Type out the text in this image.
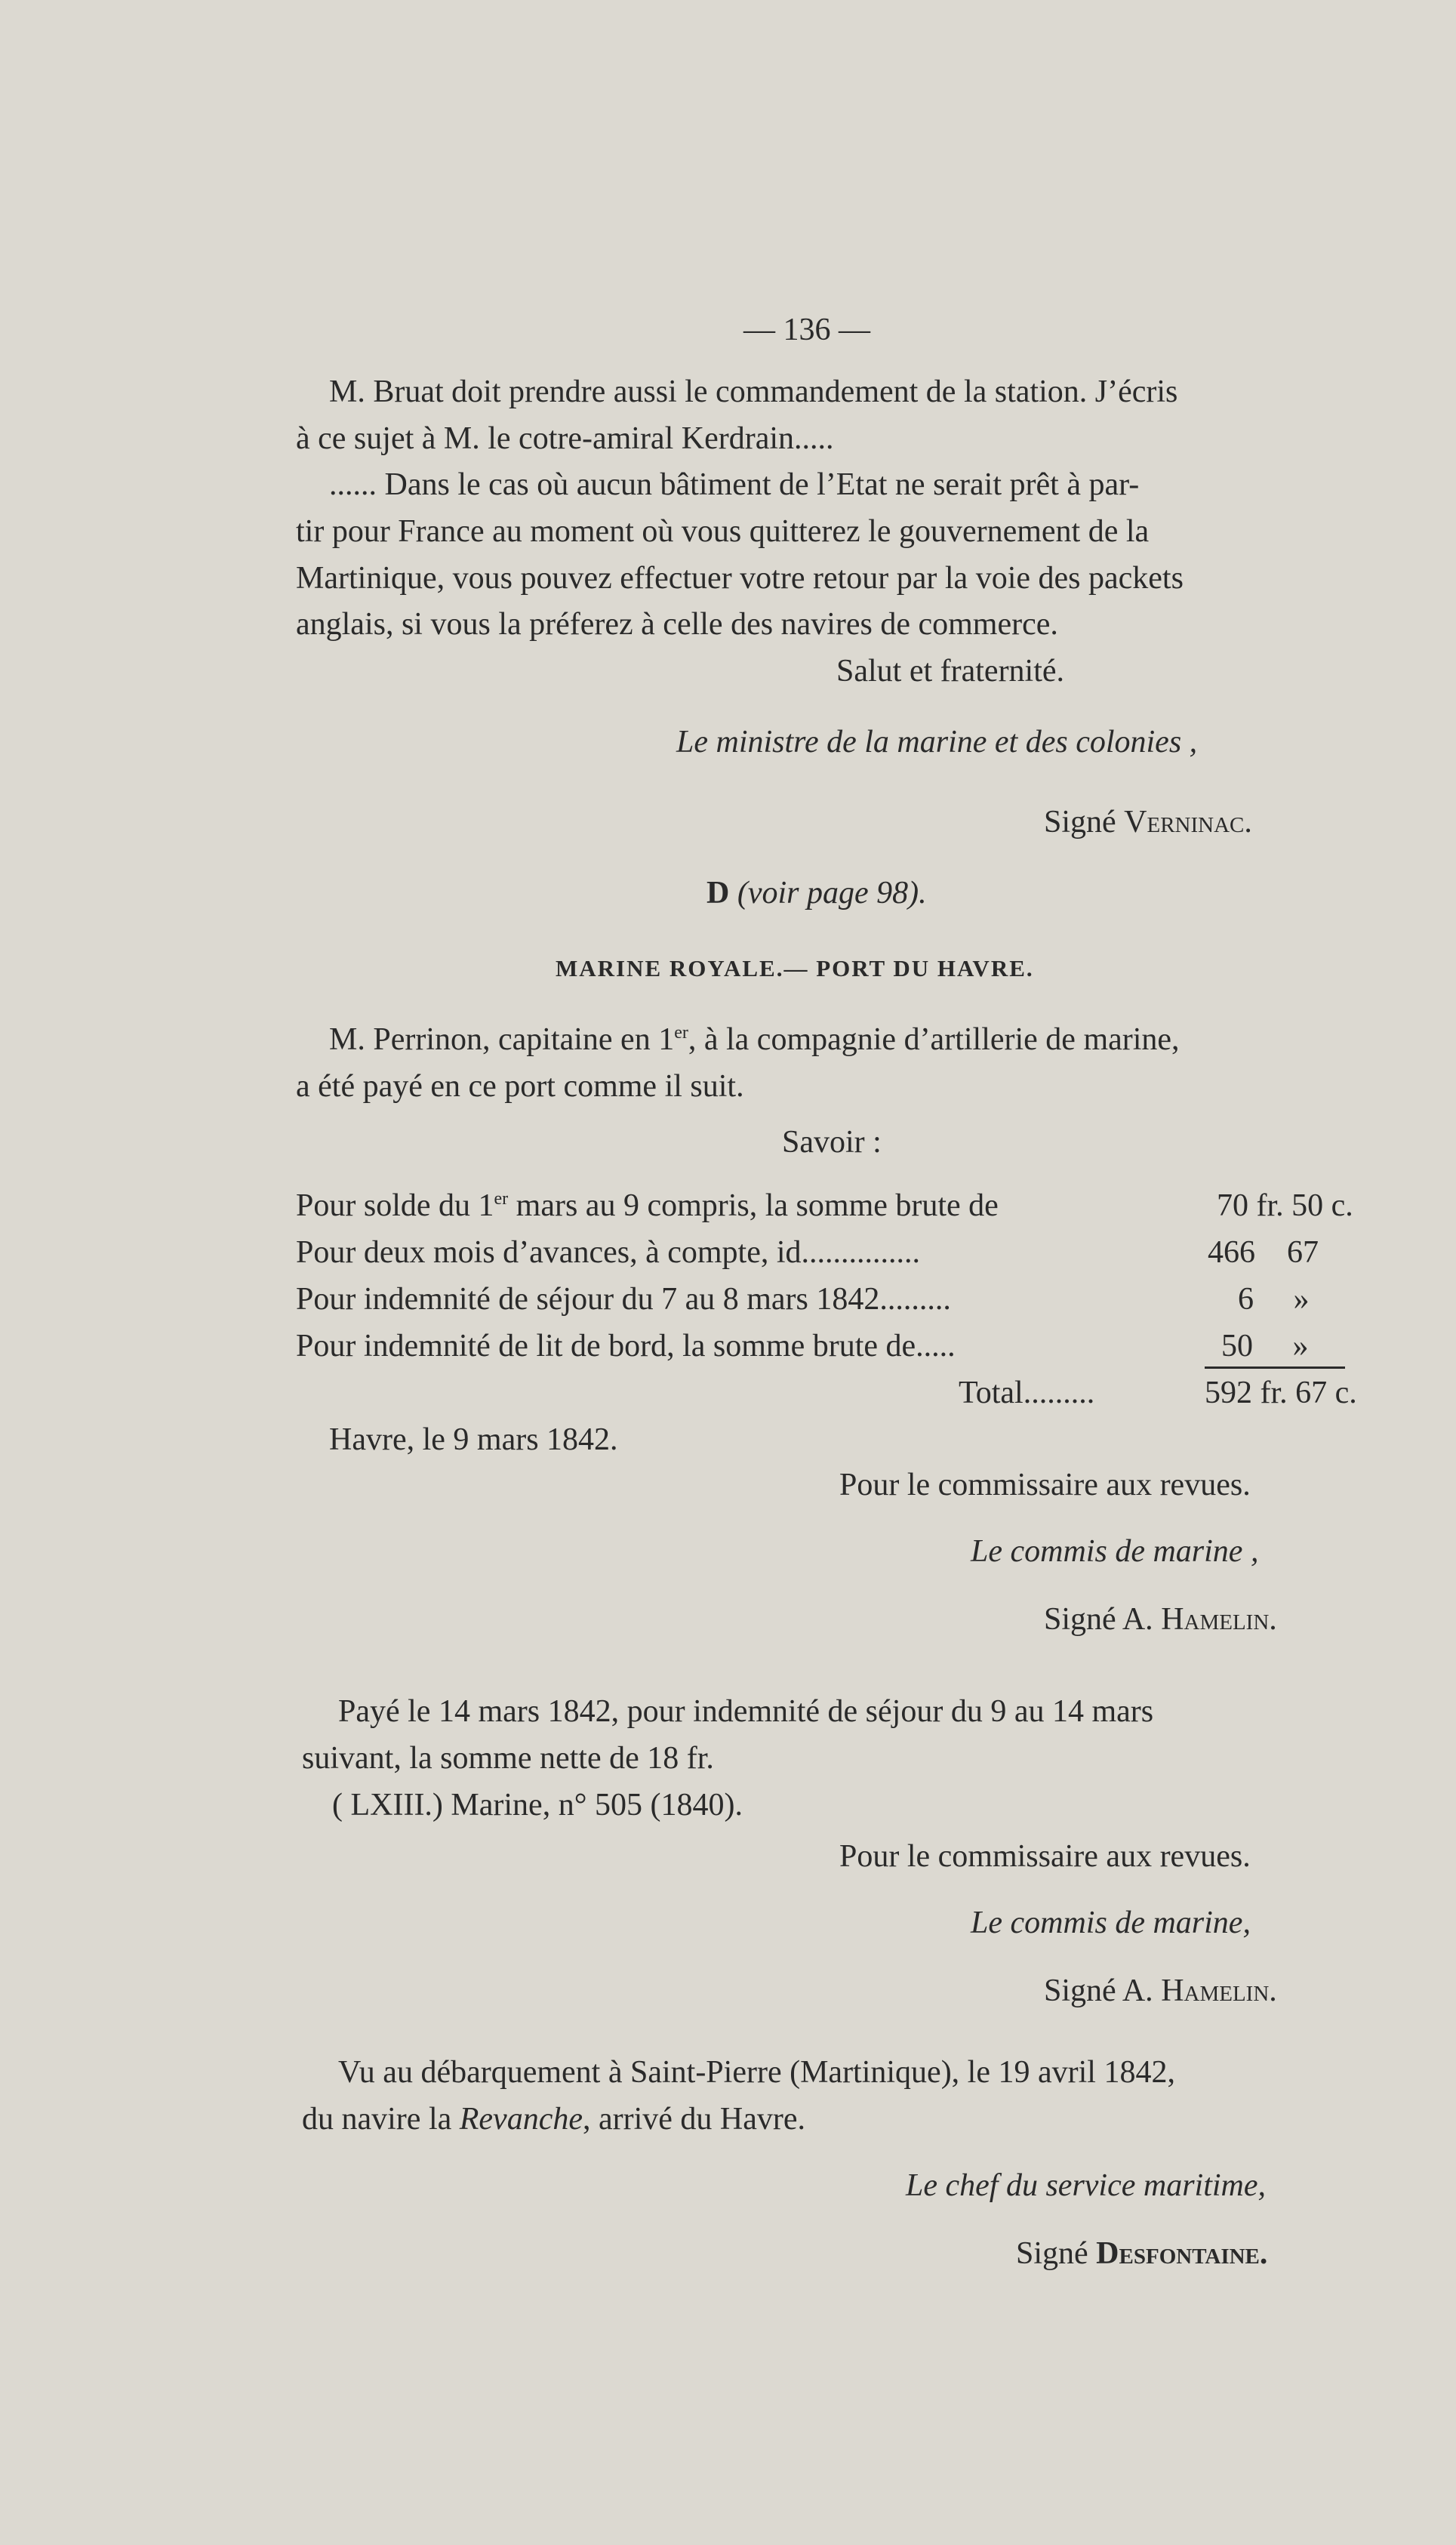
— 136 —
M. Bruat doit prendre aussi le commandement de la station. J’écris
à ce sujet à M. le cotre-amiral Kerdrain.....
...... Dans le cas où aucun bâtiment de l’Etat ne serait prêt à par-
tir pour France au moment où vous quitterez le gouvernement de la
Martinique, vous pouvez effectuer votre retour par la voie des packets
anglais, si vous la préferez à celle des navires de commerce.
Salut et fraternité.
Le ministre de la marine et des colonies ,
Signé Verninac.
D (voir page 98).
MARINE ROYALE.— PORT DU HAVRE.
M. Perrinon, capitaine en 1er, à la compagnie d’artillerie de marine,
a été payé en ce port comme il suit.
Savoir :
Pour solde du 1er mars au 9 compris, la somme brute de	70 fr. 50 c.
Pour deux mois d’avances, à compte, id...............	466    67
Pour indemnité de séjour du 7 au 8 mars 1842.........	6     »
Pour indemnité de lit de bord, la somme brute de.....	50     »
Total.........	592 fr. 67 c.
Havre, le 9 mars 1842.
Pour le commissaire aux revues.
Le commis de marine ,
Signé A. Hamelin.
Payé le 14 mars 1842, pour indemnité de séjour du 9 au 14 mars
suivant, la somme nette de 18 fr.
( LXIII.) Marine, n° 505 (1840).
Pour le commissaire aux revues.
Le commis de marine,
Signé A. Hamelin.
Vu au débarquement à Saint-Pierre (Martinique), le 19 avril 1842,
du navire la Revanche, arrivé du Havre.
Le chef du service maritime,
Signé Desfontaine.
